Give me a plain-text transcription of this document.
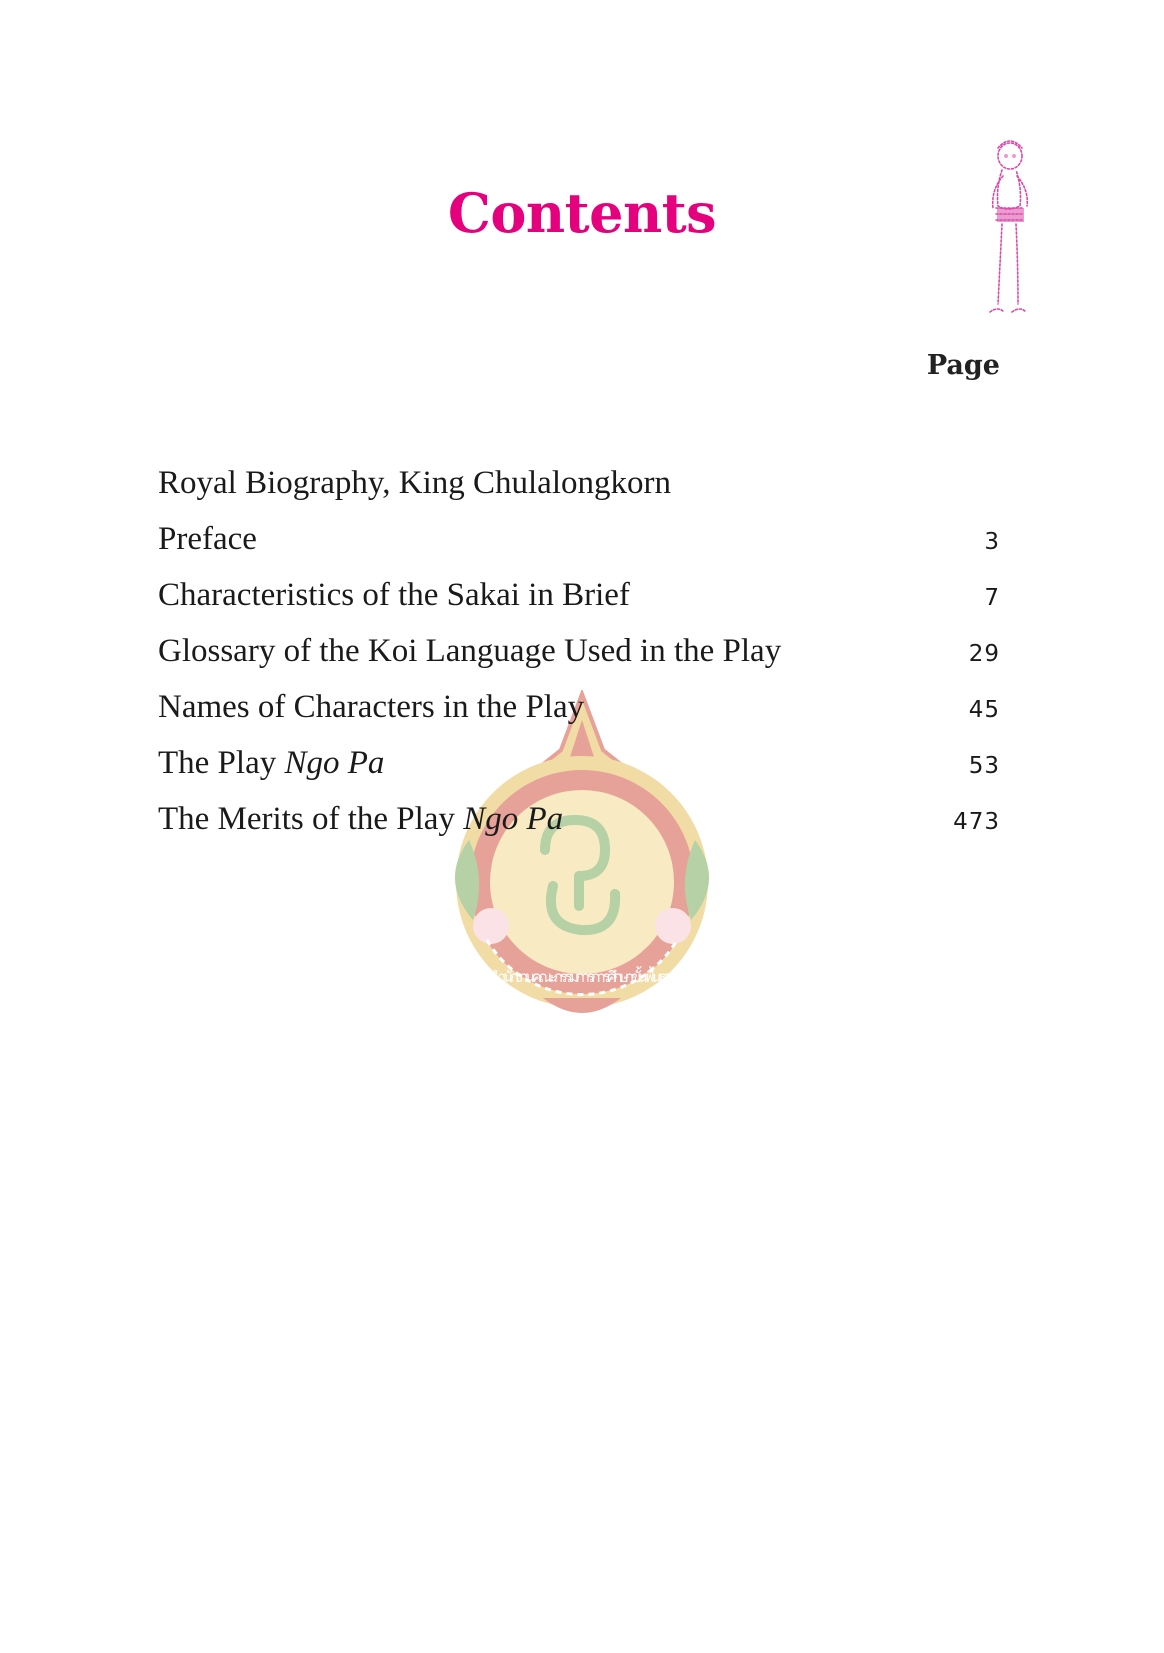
Contents
Page
สำนักงานคณะกรรมการการศึกษาขั้นพื้นฐาน
Royal Biography, King Chulalongkorn
Preface	3
Characteristics of the Sakai in Brief	7
Glossary of the Koi Language Used in the Play	29
Names of Characters in the Play	45
The Play Ngo Pa	53
The Merits of the Play Ngo Pa	473
